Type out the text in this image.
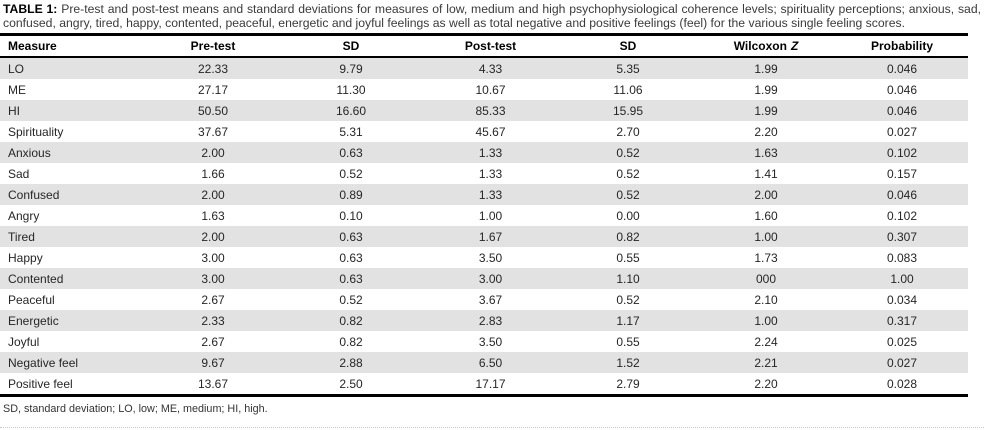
TABLE 1: Pre-test and post-test means and standard deviations for measures of low, medium and high psychophysiological coherence levels; spirituality perceptions; anxious, sad, confused, angry, tired, happy, contented, peaceful, energetic and joyful feelings as well as total negative and positive feelings (feel) for the various single feeling scores.

Measure	Pre-test	SD	Post-test	SD	Wilcoxon Z	Probability
LO	22.33	9.79	4.33	5.35	1.99	0.046
ME	27.17	11.30	10.67	11.06	1.99	0.046
HI	50.50	16.60	85.33	15.95	1.99	0.046
Spirituality	37.67	5.31	45.67	2.70	2.20	0.027
Anxious	2.00	0.63	1.33	0.52	1.63	0.102
Sad	1.66	0.52	1.33	0.52	1.41	0.157
Confused	2.00	0.89	1.33	0.52	2.00	0.046
Angry	1.63	0.10	1.00	0.00	1.60	0.102
Tired	2.00	0.63	1.67	0.82	1.00	0.307
Happy	3.00	0.63	3.50	0.55	1.73	0.083
Contented	3.00	0.63	3.00	1.10	000	1.00
Peaceful	2.67	0.52	3.67	0.52	2.10	0.034
Energetic	2.33	0.82	2.83	1.17	1.00	0.317
Joyful	2.67	0.82	3.50	0.55	2.24	0.025
Negative feel	9.67	2.88	6.50	1.52	2.21	0.027
Positive feel	13.67	2.50	17.17	2.79	2.20	0.028
SD, standard deviation; LO, low; ME, medium; HI, high.
